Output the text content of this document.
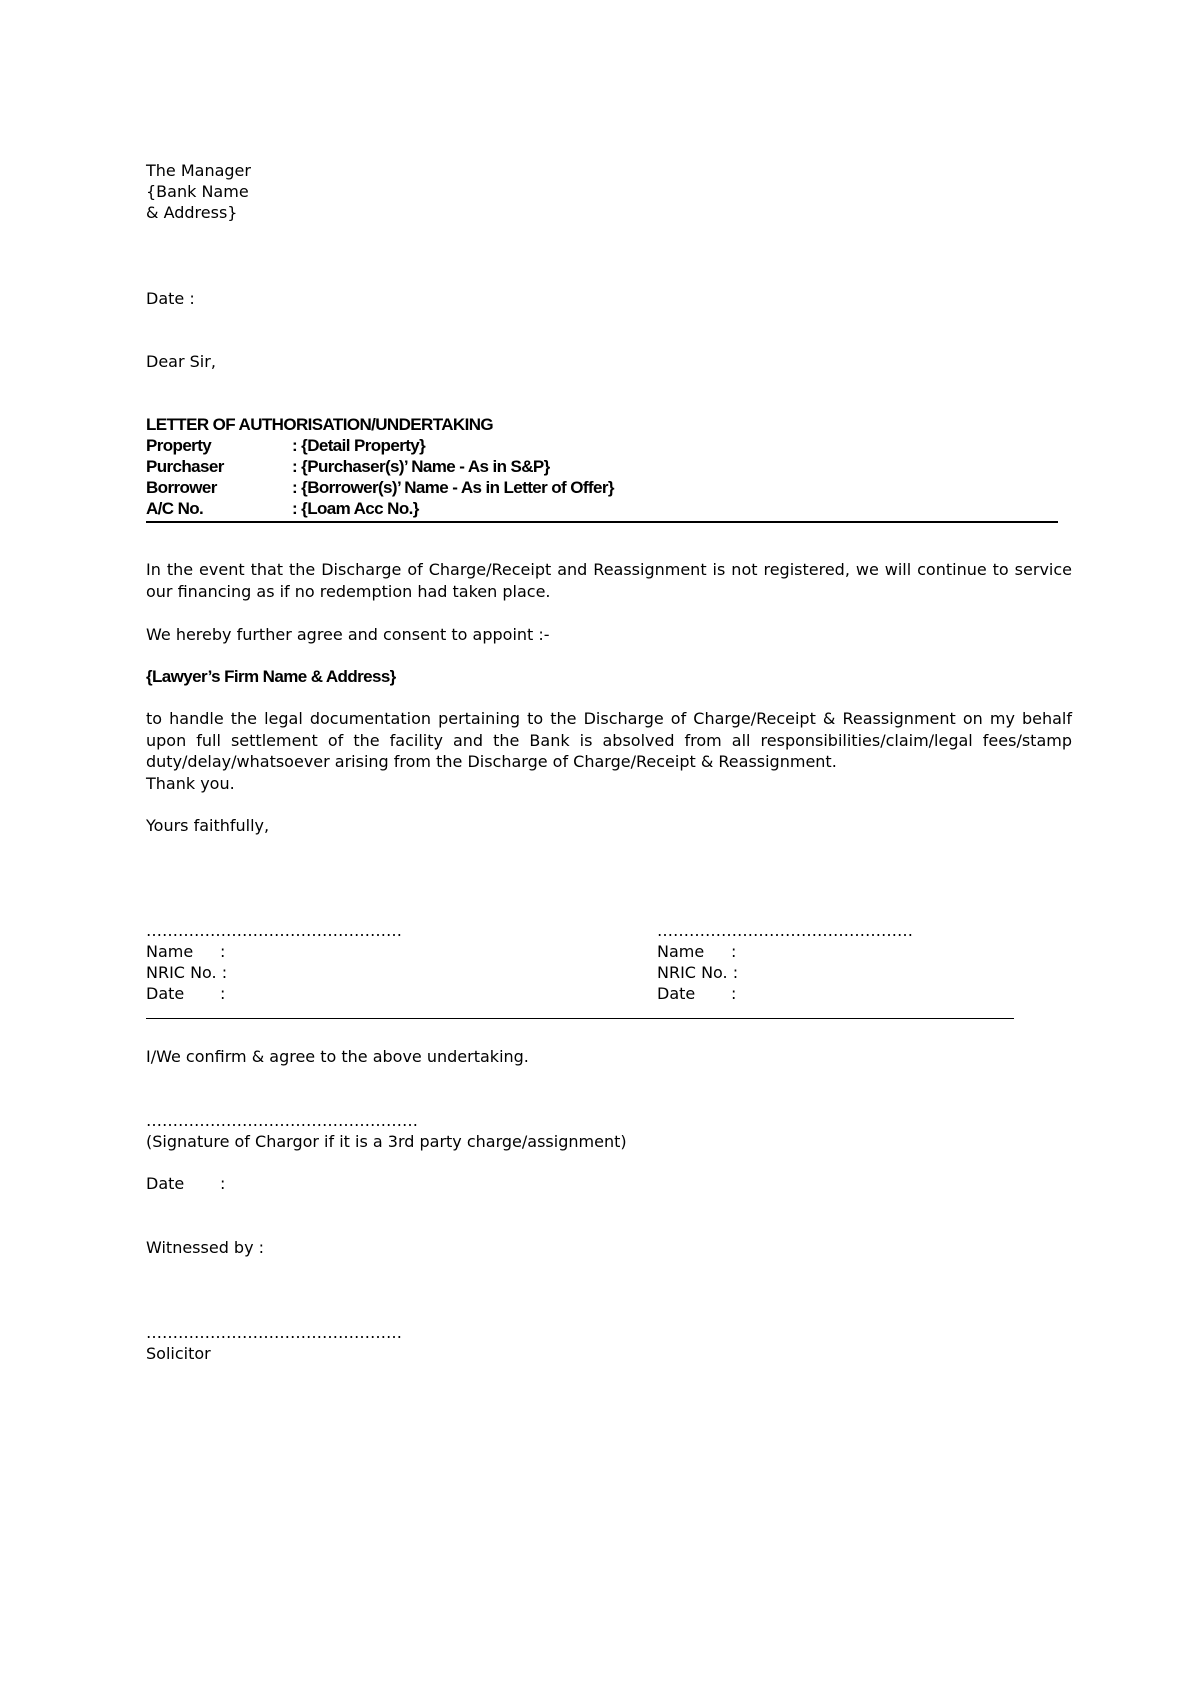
The Manager
{Bank Name
& Address}
Date :
Dear Sir,
LETTER OF AUTHORISATION/UNDERTAKING
Property	: {Detail Property}
Purchaser	: {Purchaser(s)’ Name - As in S&P}
Borrower	: {Borrower(s)’ Name - As in Letter of Offer}
A/C No.	: {Loam Acc No.}
In the event that the Discharge of Charge/Receipt and Reassignment is not registered, we will continue to service our financing as if no redemption had taken place.
We hereby further agree and consent to appoint :-
{Lawyer’s Firm Name & Address}
to handle the legal documentation pertaining to the Discharge of Charge/Receipt & Reassignment on my behalf upon full settlement of the facility and the Bank is absolved from all responsibilities/claim/legal fees/stamp duty/delay/whatsoever arising from the Discharge of Charge/Receipt & Reassignment.
Thank you.
Yours faithfully,
…………………………………………
Name :
NRIC No. :
Date :
…………………………………………
Name :
NRIC No. :
Date :
I/We confirm & agree to the above undertaking.
……………………………………………
(Signature of Chargor if it is a 3rd party charge/assignment)
Date :
Witnessed by :
…………………………………………
Solicitor
